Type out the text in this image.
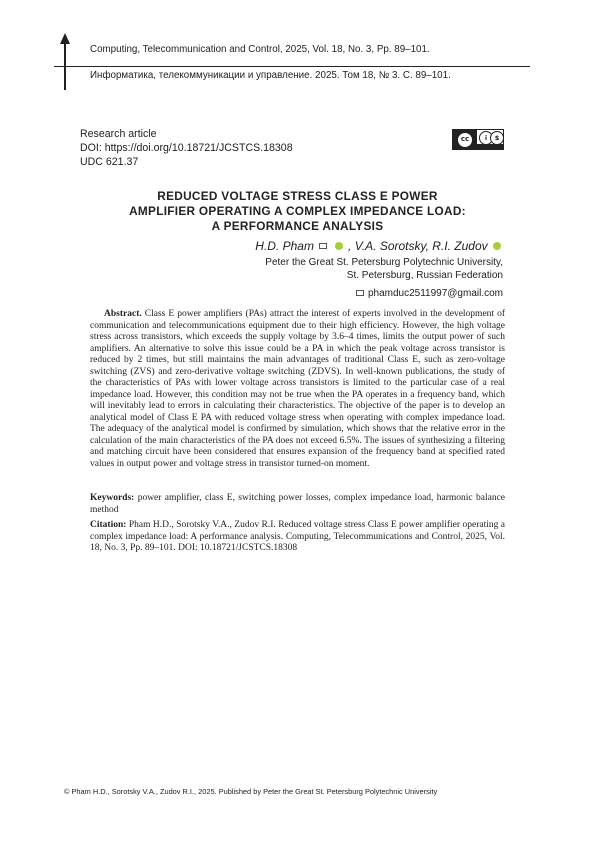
Computing, Telecommunication and Control, 2025, Vol. 18, No. 3, Pp. 89–101.
Информатика, телекоммуникации и управление. 2025. Том 18, № 3. С. 89–101.
Research article
DOI: https://doi.org/10.18721/JCSTCS.18308
UDC 621.37
cc	i	$
REDUCED VOLTAGE STRESS CLASS E POWER
AMPLIFIER OPERATING A COMPLEX IMPEDANCE LOAD:
A PERFORMANCE ANALYSIS
H.D. Pham	, V.A. Sorotsky, R.I. Zudov
Peter the Great St. Petersburg Polytechnic University,
St. Petersburg, Russian Federation
phamduc2511997@gmail.com
Abstract. Class E power amplifiers (PAs) attract the interest of experts involved in the development of communication and telecommunications equipment due to their high efficiency. However, the high voltage stress across transistors, which exceeds the supply voltage by 3.6–4 times, limits the output power of such amplifiers. An alternative to solve this issue could be a PA in which the peak voltage across transistor is reduced by 2 times, but still maintains the main advantages of traditional Class E, such as zero-voltage switching (ZVS) and zero-derivative voltage switching (ZDVS). In well-known publications, the study of the characteristics of PAs with lower voltage across transistors is limited to the particular case of a real impedance load. However, this condition may not be true when the PA operates in a frequency band, which will inevitably lead to errors in calculating their characteristics. The objective of the paper is to develop an analytical model of Class E PA with reduced voltage stress when operating with complex impedance load. The adequacy of the analytical model is confirmed by simulation, which shows that the relative error in the calculation of the main characteristics of the PA does not exceed 6.5%. The issues of synthesizing a filtering and matching circuit have been considered that ensures expansion of the frequency band at specified rated values in output power and voltage stress in transistor turned-on moment.
Keywords: power amplifier, class E, switching power losses, complex impedance load, harmonic balance method
Citation: Pham H.D., Sorotsky V.A., Zudov R.I. Reduced voltage stress Class E power amplifier operating a complex impedance load: A performance analysis. Computing, Telecommunications and Control, 2025, Vol. 18, No. 3, Pp. 89–101. DOI: 10.18721/JCSTCS.18308
© Pham H.D., Sorotsky V.A., Zudov R.I., 2025. Published by Peter the Great St. Petersburg Polytechnic University
